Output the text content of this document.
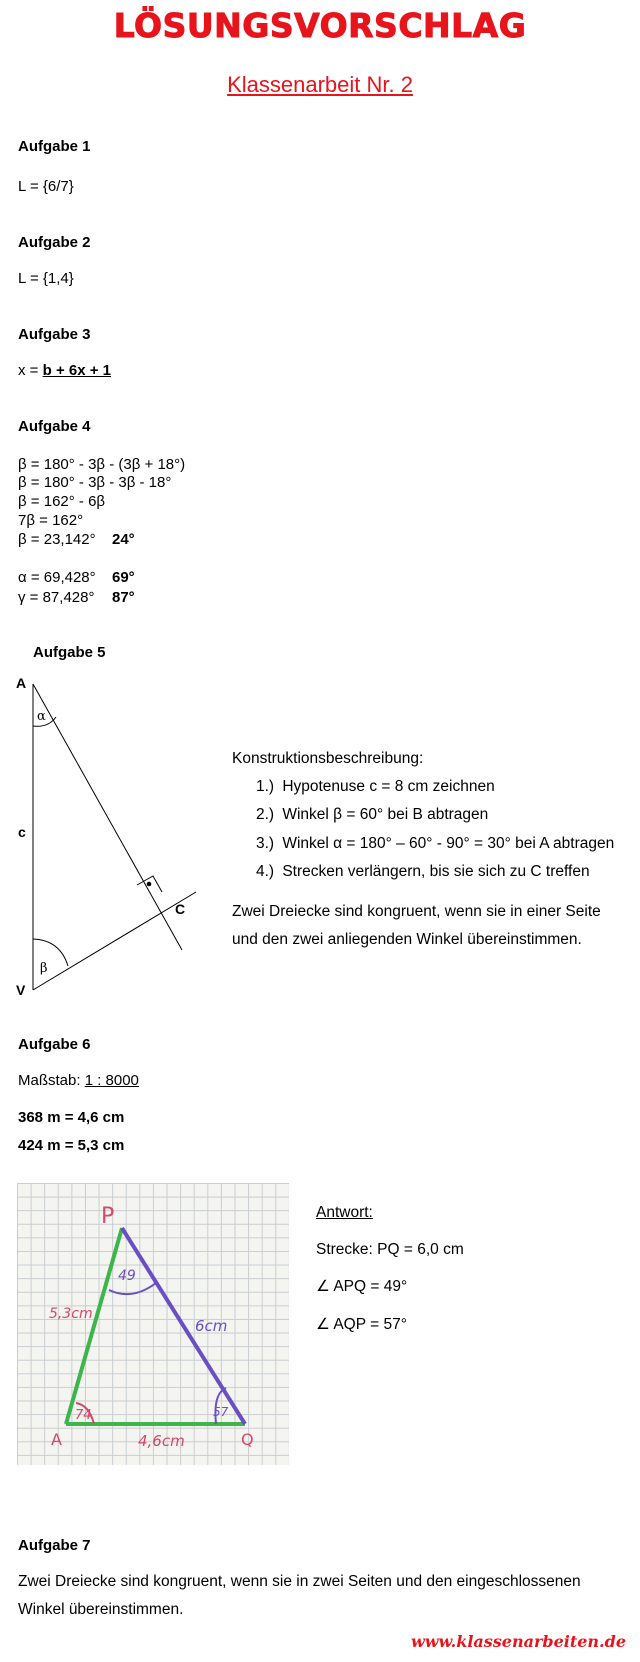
LÖSUNGSVORSCHLAG
Klassenarbeit Nr. 2
Aufgabe 1
L = {6/7}
Aufgabe 2
L = {1,4}
Aufgabe 3
x = b + 6x + 1
Aufgabe 4
β = 180° - 3β - (3β + 18°)
β = 180° - 3β - 3β - 18°
β = 162° - 6β
7β = 162°
β = 23,142° 24°
α = 69,428° 69°
γ = 87,428° 87°
Aufgabe 5
A
V
C
c
α
β
Konstruktionsbeschreibung:
1.) Hypotenuse c = 8 cm zeichnen
2.) Winkel β = 60° bei B abtragen
3.) Winkel α = 180° – 60° - 90° = 30° bei A abtragen
4.) Strecken verlängern, bis sie sich zu C treffen
Zwei Dreiecke sind kongruent, wenn sie in einer Seite
und den zwei anliegenden Winkel übereinstimmen.
Aufgabe 6
Maßstab: 1 : 8000
368 m = 4,6 cm
424 m = 5,3 cm
P
A	Q
5,3cm
6cm
4,6cm
49
74	57
Antwort:
Strecke: PQ = 6,0 cm
∠ APQ = 49°
∠ AQP = 57°
Aufgabe 7
Zwei Dreiecke sind kongruent, wenn sie in zwei Seiten und den eingeschlossenen
Winkel übereinstimmen.
www.klassenarbeiten.de
